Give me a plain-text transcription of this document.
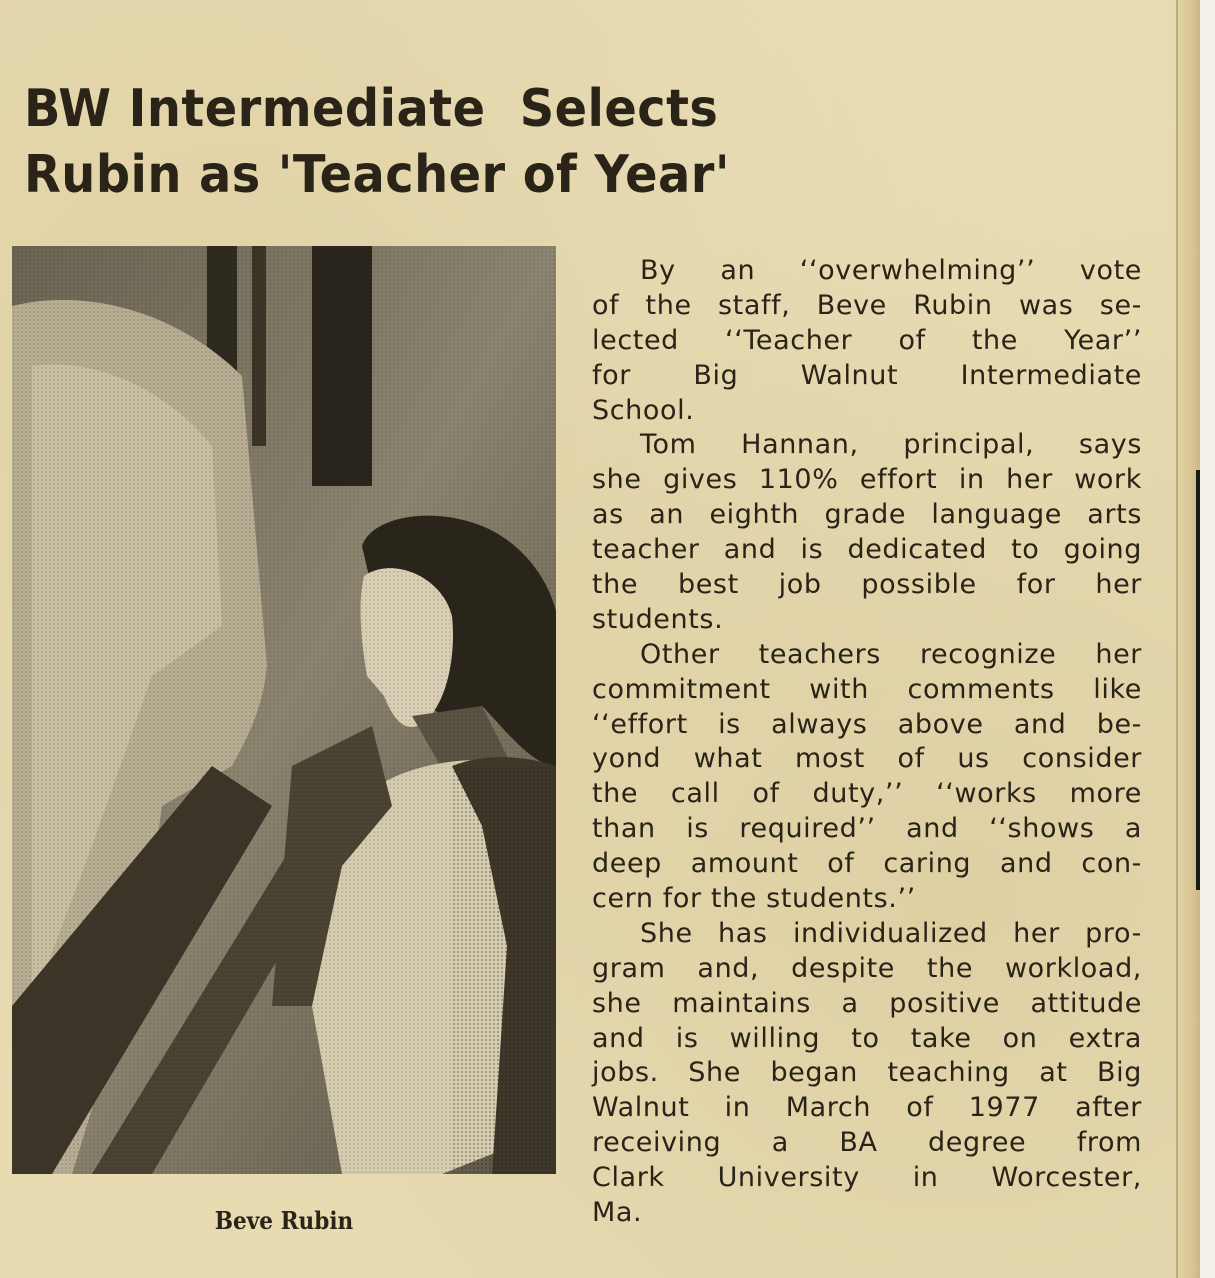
BW Intermediate  Selects
Rubin as 'Teacher of Year'
Beve Rubin
By an ‘‘overwhelming’’ vote
of the staff, Beve Rubin was se-
lected ‘‘Teacher of the Year’’
for Big Walnut Intermediate
School.
Tom Hannan, principal, says
she gives 110% effort in her work
as an eighth grade language arts
teacher and is dedicated to going
the best job possible for her
students.
Other teachers recognize her
commitment with comments like
‘‘effort is always above and be-
yond what most of us consider
the call of duty,’’ ‘‘works more
than is required’’ and ‘‘shows a
deep amount of caring and con-
cern for the students.’’
She has individualized her pro-
gram and, despite the workload,
she maintains a positive attitude
and is willing to take on extra
jobs. She began teaching at Big
Walnut in March of 1977 after
receiving a BA degree from
Clark University in Worcester,
Ma.
